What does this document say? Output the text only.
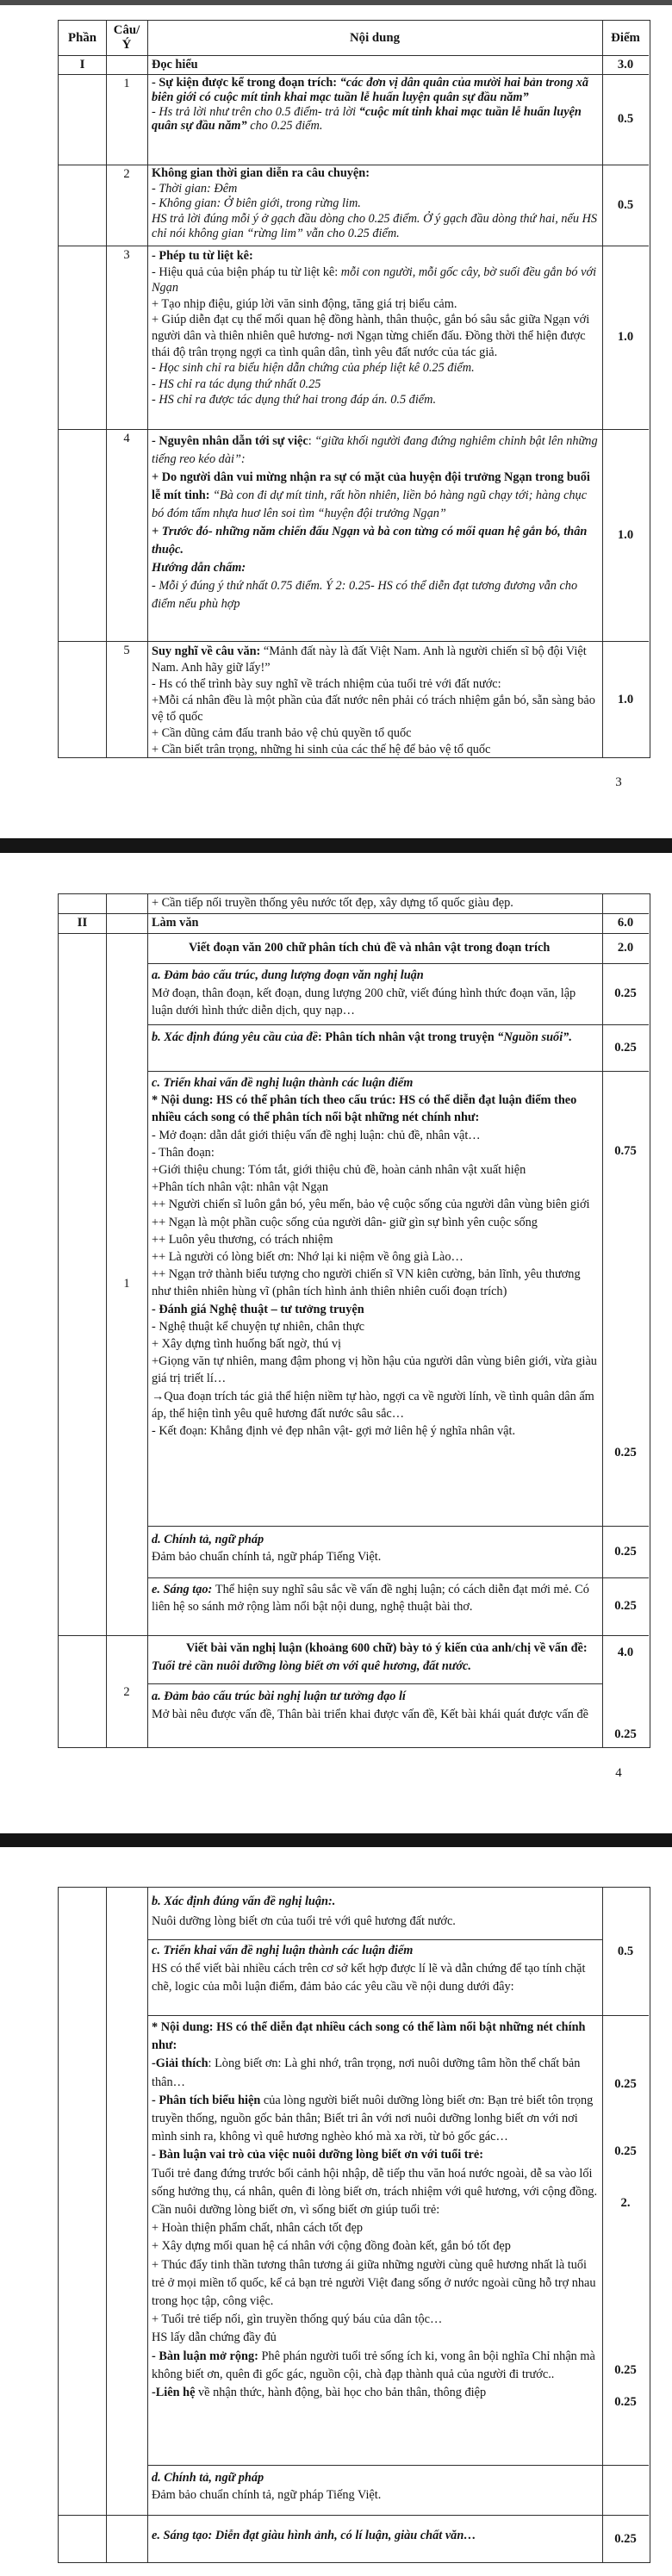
Phần
Câu/
Ý
Nội dung	Điểm
I
1
2
3
4
5
Đọc hiểu
- Sự kiện được kể trong đoạn trích: “các đơn vị dân quân của mười hai bản trong xã biên giới có cuộc mít tinh khai mạc tuần lễ huấn luyện quân sự đầu năm”
- Hs trả lời như trên cho 0.5 điểm- trả lời “cuộc mít tinh khai mạc tuần lễ huấn luyện quân sự đầu năm” cho 0.25 điểm.
Không gian thời gian diễn ra câu chuyện:
- Thời gian: Đêm
- Không gian: Ở biên giới, trong rừng lim.
HS trả lời đúng mỗi ý ở gạch đầu dòng cho 0.25 điểm. Ở ý gạch đầu dòng thứ hai, nếu HS chỉ nói không gian “rừng lim” vẫn cho 0.25 điểm.
- Phép tu từ liệt kê:
- Hiệu quả của biện pháp tu từ liệt kê: mỗi con người, mỗi gốc cây, bờ suối đều gắn bó với Ngạn
+ Tạo nhịp điệu, giúp lời văn sinh động, tăng giá trị biểu cảm.
+ Giúp diễn đạt cụ thể mối quan hệ đồng hành, thân thuộc, gắn bó sâu sắc giữa Ngạn với người dân và thiên nhiên quê hương- nơi Ngạn từng chiến đấu. Đồng thời thể hiện được thái độ trân trọng ngợi ca tình quân dân, tình yêu đất nước của tác giả.
- Học sinh chỉ ra biểu hiện dẫn chứng của phép liệt kê 0.25 điểm.
- HS chỉ ra tác dụng thứ nhất 0.25
- HS chỉ ra được tác dụng thứ hai trong đáp án. 0.5 điểm.
- Nguyên nhân dẫn tới sự việc: “giữa khối người đang đứng nghiêm chỉnh bật lên những tiếng reo kéo dài”:
+ Do người dân vui mừng nhận ra sự có mặt của huyện đội trưởng Ngạn trong buổi lễ mít tinh: “Bà con đi dự mít tinh, rất hồn nhiên, liền bỏ hàng ngũ chạy tới; hàng chục bó đóm tấm nhựa huơ lên soi tìm “huyện đội trưởng Ngạn”
+ Trước đó- những năm chiến đấu Ngạn và bà con từng có mối quan hệ gắn bó, thân thuộc.
Hướng dẫn chấm:
- Mỗi ý đúng ý thứ nhất 0.75 điểm. Ý 2: 0.25- HS có thể diễn đạt tương đương vẫn cho điểm nếu phù hợp
Suy nghĩ về câu văn: “Mảnh đất này là đất Việt Nam. Anh là người chiến sĩ bộ đội Việt Nam. Anh hãy giữ lấy!”
- Hs có thể trình bày suy nghĩ về trách nhiệm của tuổi trẻ với đất nước:
+Mỗi cá nhân đều là một phần của đất nước nên phải có trách nhiệm gắn bó, sẵn sàng bảo vệ tổ quốc
+ Cần dũng cảm đấu tranh bảo vệ chủ quyền tổ quốc
+ Cần biết trân trọng, những hi sinh của các thế hệ để bảo vệ tổ quốc
3.0
0.5
0.5
1.0
1.0
1.0
3
II
1
2
+ Cần tiếp nối truyền thống yêu nước tốt đẹp, xây dựng tổ quốc giàu đẹp.
Làm văn
Viết đoạn văn 200 chữ phân tích chủ đề và nhân vật trong đoạn trích
a. Đảm bảo cấu trúc, dung lượng đoạn văn nghị luận
Mở đoạn, thân đoạn, kết đoạn, dung lượng 200 chữ, viết đúng hình thức đoạn văn, lập luận dưới hình thức diễn dịch, quy nạp…
b. Xác định đúng yêu cầu của đề: Phân tích nhân vật trong truyện “Nguồn suối”.
c. Triển khai vấn đề nghị luận thành các luận điểm
* Nội dung: HS có thể phân tích theo cấu trúc: HS có thể diễn đạt luận điểm theo nhiều cách song có thể phân tích nổi bật những nét chính như:
- Mở đoạn: dẫn dắt giới thiệu vấn đề nghị luận: chủ đề, nhân vật…
- Thân đoạn:
+Giới thiệu chung: Tóm tắt, giới thiệu chủ đề, hoàn cảnh nhân vật xuất hiện
+Phân tích nhân vật: nhân vật Ngạn
++ Người chiến sĩ luôn gắn bó, yêu mến, bảo vệ cuộc sống của người dân vùng biên giới
++ Ngạn là một phần cuộc sống của người dân- giữ gìn sự bình yên cuộc sống
++ Luôn yêu thương, có trách nhiệm
++ Là người có lòng biết ơn: Nhớ lại ki niệm về ông già Lào…
++ Ngạn trở thành biểu tượng cho người chiến sĩ VN kiên cường, bản lĩnh, yêu thương như thiên nhiên hùng vĩ (phân tích hình ảnh thiên nhiên cuối đoạn trích)
- Đánh giá Nghệ thuật – tư tưởng truyện
- Nghệ thuật kể chuyện tự nhiên, chân thực
+ Xây dựng tình huống bất ngờ, thú vị
+Giọng văn tự nhiên, mang đậm phong vị hồn hậu của người dân vùng biên giới, vừa giàu giá trị triết lí…
→Qua đoạn trích tác giả thể hiện niềm tự hào, ngợi ca về người lính, về tình quân dân ấm áp, thể hiện tình yêu quê hương đất nước sâu sắc…
- Kết đoạn: Khẳng định vẻ đẹp nhân vật- gợi mở liên hệ ý nghĩa nhân vật.
d. Chính tả, ngữ pháp
Đảm bảo chuẩn chính tả, ngữ pháp Tiếng Việt.
e. Sáng tạo: Thể hiện suy nghĩ sâu sắc về vấn đề nghị luận; có cách diễn đạt mới mẻ. Có liên hệ so sánh mở rộng làm nổi bật nội dung, nghệ thuật bài thơ.
Viết bài văn nghị luận (khoảng 600 chữ) bày tỏ ý kiến của anh/chị về vấn đề: Tuổi trẻ cần nuôi dưỡng lòng biết ơn với quê hương, đất nước.
a. Đảm bảo cấu trúc bài nghị luận tư tưởng đạo lí
Mở bài nêu được vấn đề, Thân bài triển khai được vấn đề, Kết bài khái quát được vấn đề
6.0
2.0
0.25
0.25
0.75
0.25
0.25
0.25
4.0
0.25
4
b. Xác định đúng vấn đề nghị luận:.
Nuôi dưỡng lòng biết ơn của tuổi trẻ với quê hương đất nước.
c. Triển khai vấn đề nghị luận thành các luận điểm
HS có thể viết bài nhiều cách trên cơ sở kết hợp được lí lẽ và dẫn chứng để tạo tính chặt chẽ, logic của mỗi luận điểm, đảm bảo các yêu cầu về nội dung dưới đây:
* Nội dung: HS có thể diễn đạt nhiều cách song có thể làm nổi bật những nét chính như:
-Giải thích: Lòng biết ơn: Là ghi nhớ, trân trọng, nơi nuôi dưỡng tâm hồn thể chất bản thân…
- Phân tích biểu hiện của lòng người biết nuôi dưỡng lòng biết ơn: Bạn trẻ biết tôn trọng truyền thống, nguồn gốc bản thân; Biết tri ân với nơi nuôi dưỡng lonhg biết ơn với nơi mình sinh ra, không vì quê hương nghèo khó mà xa rời, từ bỏ gốc gác…
- Bàn luận vai trò của việc nuôi dưỡng lòng biết ơn với tuổi trẻ:
Tuổi trẻ đang đứng trước bối cảnh hội nhập, dễ tiếp thu văn hoá nước ngoài, dễ sa vào lối sống hưởng thụ, cá nhân, quên đi lòng biết ơn, trách nhiệm với quê hương, với cộng đồng. Cần nuôi dưỡng lòng biết ơn, vì sống biết ơn giúp tuổi trẻ:
+ Hoàn thiện phẩm chất, nhân cách tốt đẹp
+ Xây dựng mối quan hệ cá nhân với cộng đồng đoàn kết, gắn bó tốt đẹp
+ Thúc đẩy tinh thần tương thân tương ái giữa những người cùng quê hương nhất là tuổi trẻ ở mọi miền tổ quốc, kể cả bạn trẻ người Việt đang sống ở nước ngoài cũng hỗ trợ nhau trong học tập, công việc.
+ Tuổi trẻ tiếp nối, gìn truyền thống quý báu của dân tộc…
HS lấy dẫn chứng đầy đủ
- Bàn luận mở rộng: Phê phán người tuổi trẻ sống ích ki, vong ân bội nghĩa Chỉ nhận mà không biết ơn, quên đi gốc gác, nguồn cội, chà đạp thành quả của người đi trước..
-Liên hệ về nhận thức, hành động, bài học cho bản thân, thông điệp
d. Chính tả, ngữ pháp
Đảm bảo chuẩn chính tả, ngữ pháp Tiếng Việt.
e. Sáng tạo: Diễn đạt giàu hình ảnh, có lí luận, giàu chất văn…
0.5
0.25
0.25
2.
0.25
0.25
0.25
